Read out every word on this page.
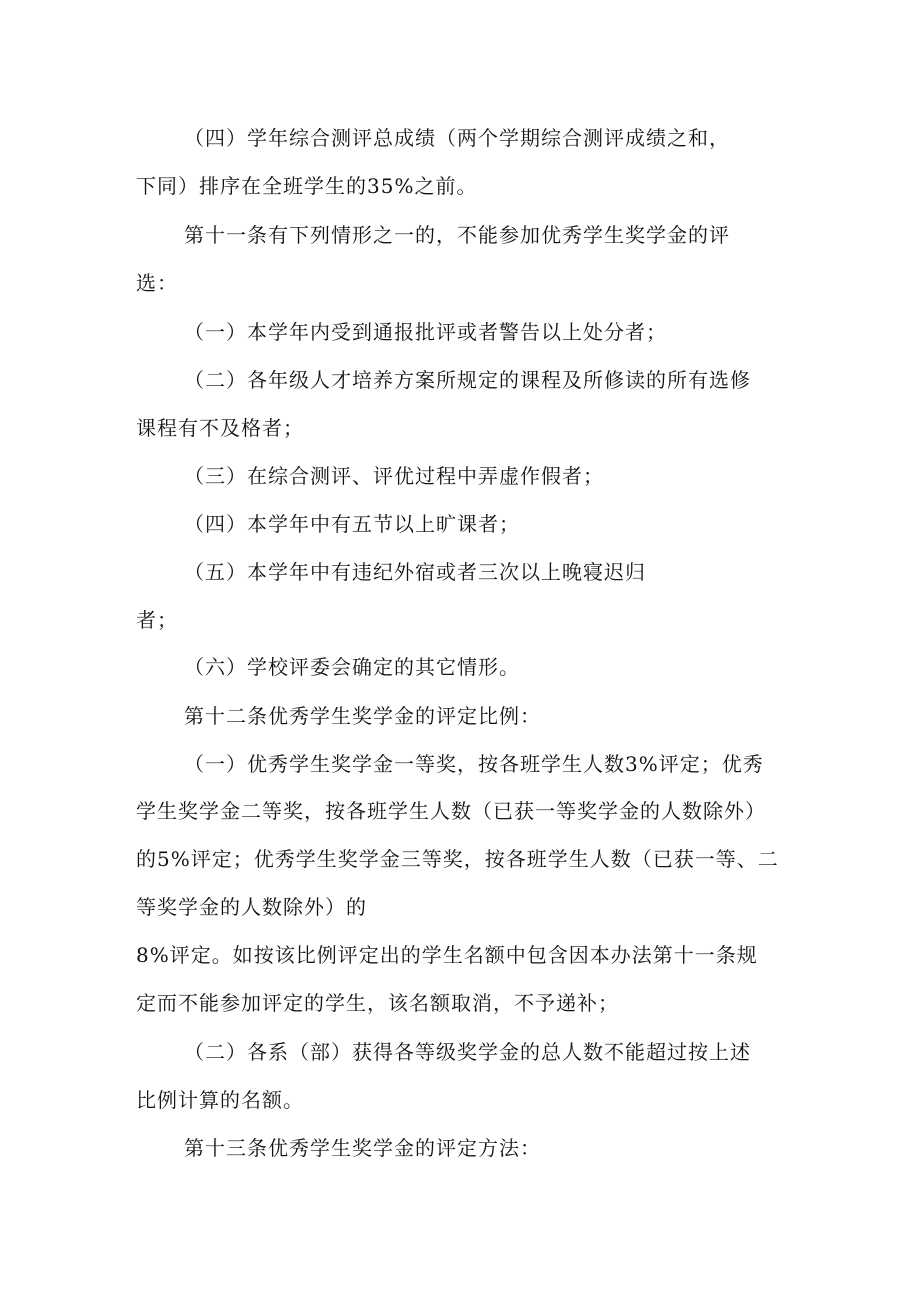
（四）学年综合测评总成绩（两个学期综合测评成绩之和，
下同）排序在全班学生的35%之前。
第十一条有下列情形之一的，不能参加优秀学生奖学金的评
选：
（一）本学年内受到通报批评或者警告以上处分者；
（二）各年级人才培养方案所规定的课程及所修读的所有选修
课程有不及格者；
（三）在综合测评、评优过程中弄虚作假者；
（四）本学年中有五节以上旷课者；
（五）本学年中有违纪外宿或者三次以上晚寝迟归
者；
（六）学校评委会确定的其它情形。
第十二条优秀学生奖学金的评定比例：
（一）优秀学生奖学金一等奖，按各班学生人数3%评定；优秀
学生奖学金二等奖，按各班学生人数（已获一等奖学金的人数除外）
的5%评定；优秀学生奖学金三等奖，按各班学生人数（已获一等、二
等奖学金的人数除外）的
8%评定。如按该比例评定出的学生名额中包含因本办法第十一条规
定而不能参加评定的学生，该名额取消，不予递补；
（二）各系（部）获得各等级奖学金的总人数不能超过按上述
比例计算的名额。
第十三条优秀学生奖学金的评定方法：
